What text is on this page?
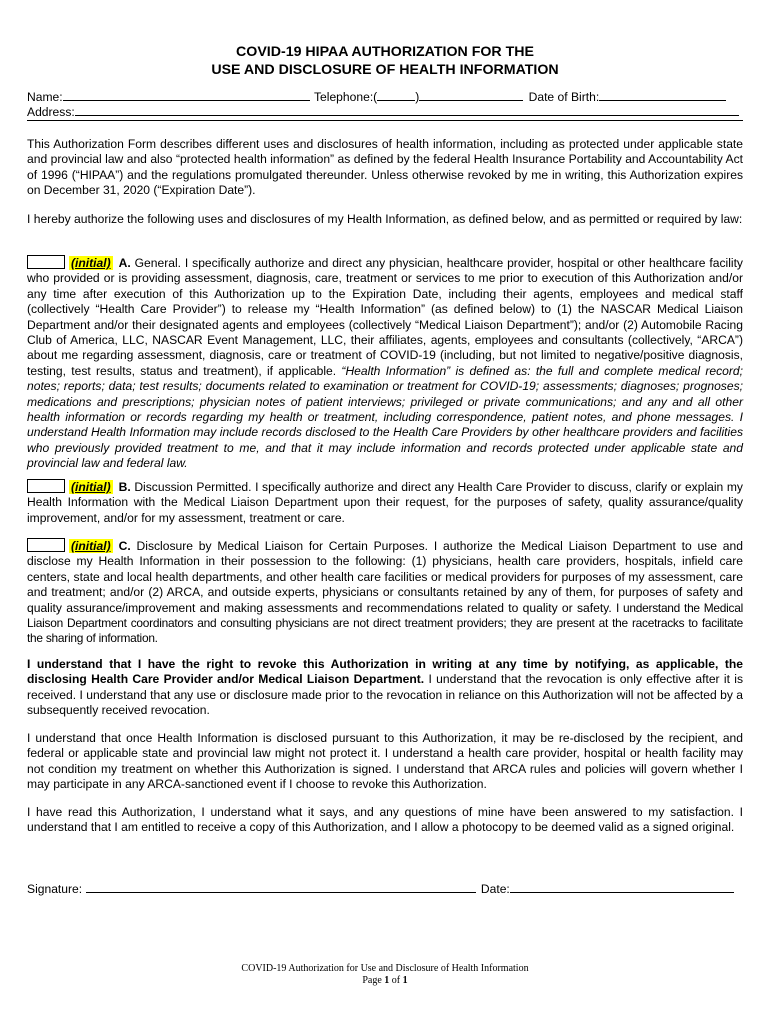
COVID-19 HIPAA AUTHORIZATION FOR THE
USE AND DISCLOSURE OF HEALTH INFORMATION
Name:	Telephone:(	)	Date of Birth:
Address:
This Authorization Form describes different uses and disclosures of health information, including as protected under applicable state and provincial law and also “protected health information” as defined by the federal Health Insurance Portability and Accountability Act of 1996 (“HIPAA”) and the regulations promulgated thereunder. Unless otherwise revoked by me in writing, this Authorization expires on December 31, 2020 (“Expiration Date”).
I hereby authorize the following uses and disclosures of my Health Information, as defined below, and as permitted or required by law:
(initial) A. General. I specifically authorize and direct any physician, healthcare provider, hospital or other healthcare facility who provided or is providing assessment, diagnosis, care, treatment or services to me prior to execution of this Authorization and/or any time after execution of this Authorization up to the Expiration Date, including their agents, employees and medical staff (collectively “Health Care Provider”) to release my “Health Information” (as defined below) to (1) the NASCAR Medical Liaison Department and/or their designated agents and employees (collectively “Medical Liaison Department”); and/or (2) Automobile Racing Club of America, LLC, NASCAR Event Management, LLC, their affiliates, agents, employees and consultants (collectively, “ARCA”) about me regarding assessment, diagnosis, care or treatment of COVID-19 (including, but not limited to negative/positive diagnosis, testing, test results, status and treatment), if applicable. “Health Information” is defined as: the full and complete medical record; notes; reports; data; test results; documents related to examination or treatment for COVID-19; assessments; diagnoses; prognoses; medications and prescriptions; physician notes of patient interviews; privileged or private communications; and any and all other health information or records regarding my health or treatment, including correspondence, patient notes, and phone messages. I understand Health Information may include records disclosed to the Health Care Providers by other healthcare providers and facilities who previously provided treatment to me, and that it may include information and records protected under applicable state and provincial law and federal law.
(initial) B. Discussion Permitted. I specifically authorize and direct any Health Care Provider to discuss, clarify or explain my Health Information with the Medical Liaison Department upon their request, for the purposes of safety, quality assurance/quality improvement, and/or for my assessment, treatment or care.
(initial) C. Disclosure by Medical Liaison for Certain Purposes. I authorize the Medical Liaison Department to use and disclose my Health Information in their possession to the following: (1) physicians, health care providers, hospitals, infield care centers, state and local health departments, and other health care facilities or medical providers for purposes of my assessment, care and treatment; and/or (2) ARCA, and outside experts, physicians or consultants retained by any of them, for purposes of safety and quality assurance/improvement and making assessments and recommendations related to quality or safety. I understand the Medical Liaison Department coordinators and consulting physicians are not direct treatment providers; they are present at the racetracks to facilitate the sharing of information.
I understand that I have the right to revoke this Authorization in writing at any time by notifying, as applicable, the disclosing Health Care Provider and/or Medical Liaison Department. I understand that the revocation is only effective after it is received. I understand that any use or disclosure made prior to the revocation in reliance on this Authorization will not be affected by a subsequently received revocation.
I understand that once Health Information is disclosed pursuant to this Authorization, it may be re-disclosed by the recipient, and federal or applicable state and provincial law might not protect it. I understand a health care provider, hospital or health facility may not condition my treatment on whether this Authorization is signed. I understand that ARCA rules and policies will govern whether I may participate in any ARCA-sanctioned event if I choose to revoke this Authorization.
I have read this Authorization, I understand what it says, and any questions of mine have been answered to my satisfaction. I understand that I am entitled to receive a copy of this Authorization, and I allow a photocopy to be deemed valid as a signed original.
Signature:	Date:
COVID-19 Authorization for Use and Disclosure of Health Information
Page 1 of 1
